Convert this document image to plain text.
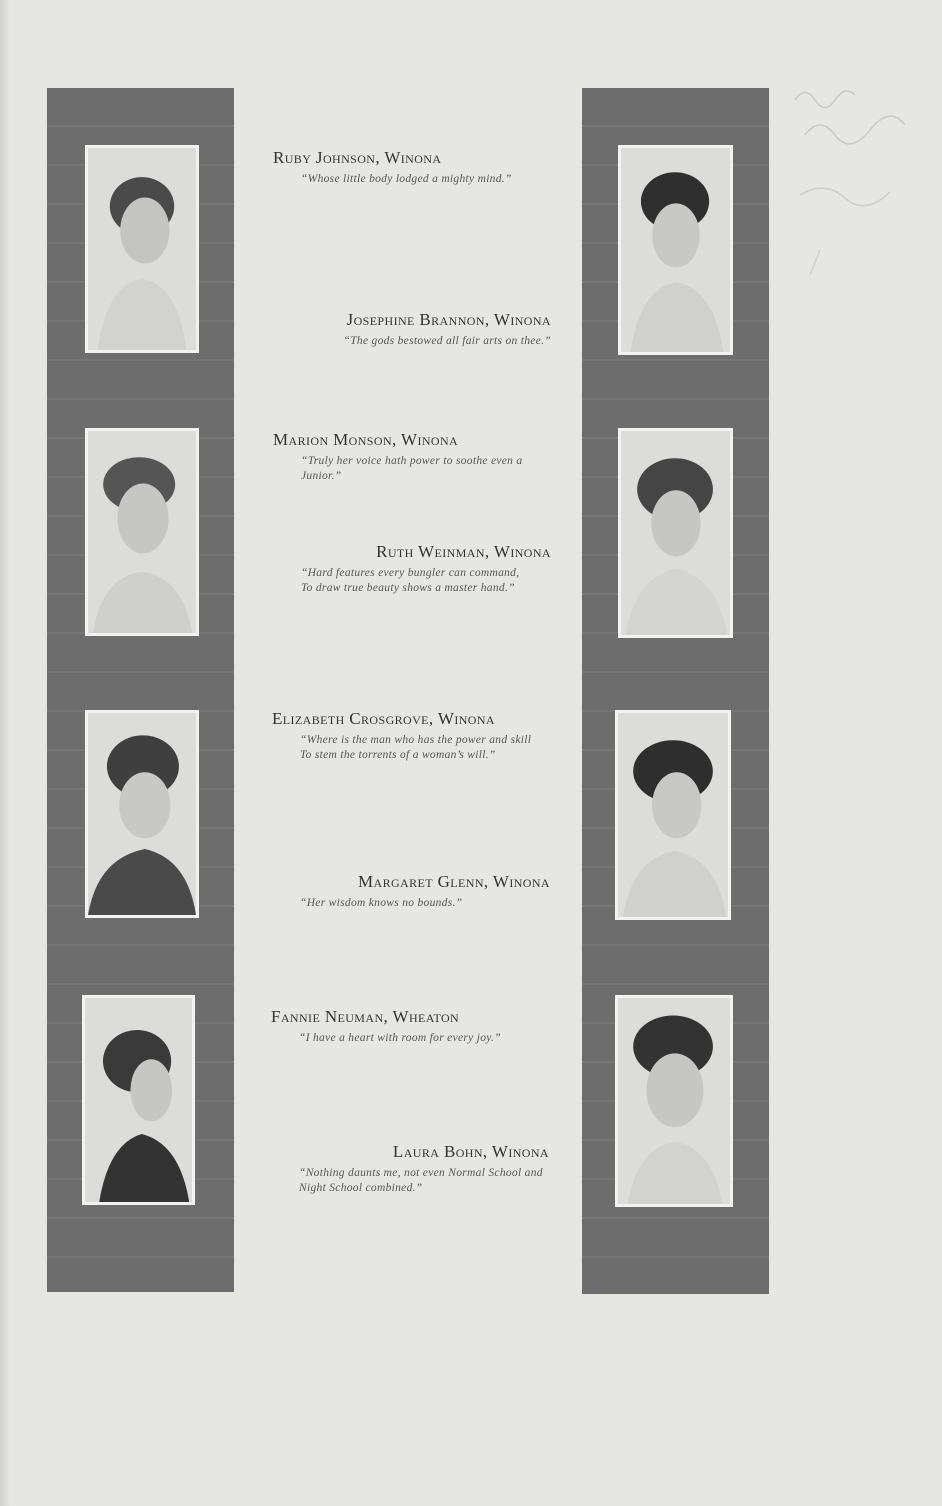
Ruby Johnson, Winona
“Whose little body lodged a mighty mind.”
Josephine Brannon, Winona
“The gods bestowed all fair arts on thee.”
Marion Monson, Winona
“Truly her voice hath power to soothe even a Junior.”
Ruth Weinman, Winona
“Hard features every bungler can command,
To draw true beauty shows a master hand.”
Elizabeth Crosgrove, Winona
“Where is the man who has the power and skill
To stem the torrents of a woman’s will.”
Margaret Glenn, Winona
“Her wisdom knows no bounds.”
Fannie Neuman, Wheaton
“I have a heart with room for every joy.”
Laura Bohn, Winona
“Nothing daunts me, not even Normal School and Night School combined.”
